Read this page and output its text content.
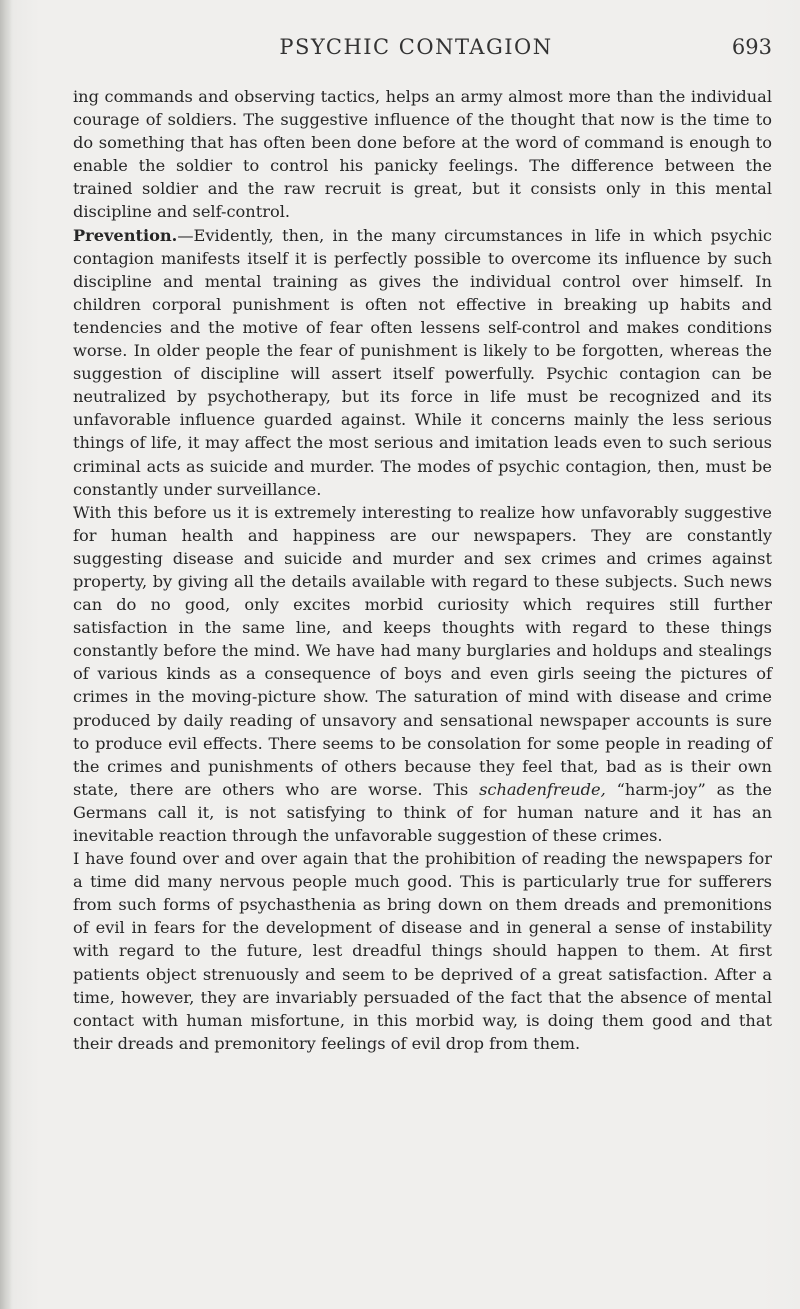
PSYCHIC CONTAGION	693

ing commands and observing tactics, helps an army almost more than the individual courage of soldiers. The suggestive influence of the thought that now is the time to do something that has often been done before at the word of command is enough to enable the soldier to control his panicky feelings. The difference between the trained soldier and the raw recruit is great, but it consists only in this mental discipline and self-control.

Prevention.—Evidently, then, in the many circumstances in life in which psychic contagion manifests itself it is perfectly possible to overcome its influence by such discipline and mental training as gives the individual control over himself. In children corporal punishment is often not effective in breaking up habits and tendencies and the motive of fear often lessens self-control and makes conditions worse. In older people the fear of punishment is likely to be forgotten, whereas the suggestion of discipline will assert itself powerfully. Psychic contagion can be neutralized by psychotherapy, but its force in life must be recognized and its unfavorable influence guarded against. While it concerns mainly the less serious things of life, it may affect the most serious and imitation leads even to such serious criminal acts as suicide and murder. The modes of psychic contagion, then, must be constantly under surveillance.

With this before us it is extremely interesting to realize how unfavorably suggestive for human health and happiness are our newspapers. They are constantly suggesting disease and suicide and murder and sex crimes and crimes against property, by giving all the details available with regard to these subjects. Such news can do no good, only excites morbid curiosity which requires still further satisfaction in the same line, and keeps thoughts with regard to these things constantly before the mind. We have had many burglaries and holdups and stealings of various kinds as a consequence of boys and even girls seeing the pictures of crimes in the moving-picture show. The saturation of mind with disease and crime produced by daily reading of unsavory and sensational newspaper accounts is sure to produce evil effects. There seems to be consolation for some people in reading of the crimes and punishments of others because they feel that, bad as is their own state, there are others who are worse. This schadenfreude, “harm-joy” as the Germans call it, is not satisfying to think of for human nature and it has an inevitable reaction through the unfavorable suggestion of these crimes.

I have found over and over again that the prohibition of reading the newspapers for a time did many nervous people much good. This is particularly true for sufferers from such forms of psychasthenia as bring down on them dreads and premonitions of evil in fears for the development of disease and in general a sense of instability with regard to the future, lest dreadful things should happen to them. At first patients object strenuously and seem to be deprived of a great satisfaction. After a time, however, they are invariably persuaded of the fact that the absence of mental contact with human misfortune, in this morbid way, is doing them good and that their dreads and premonitory feelings of evil drop from them.
